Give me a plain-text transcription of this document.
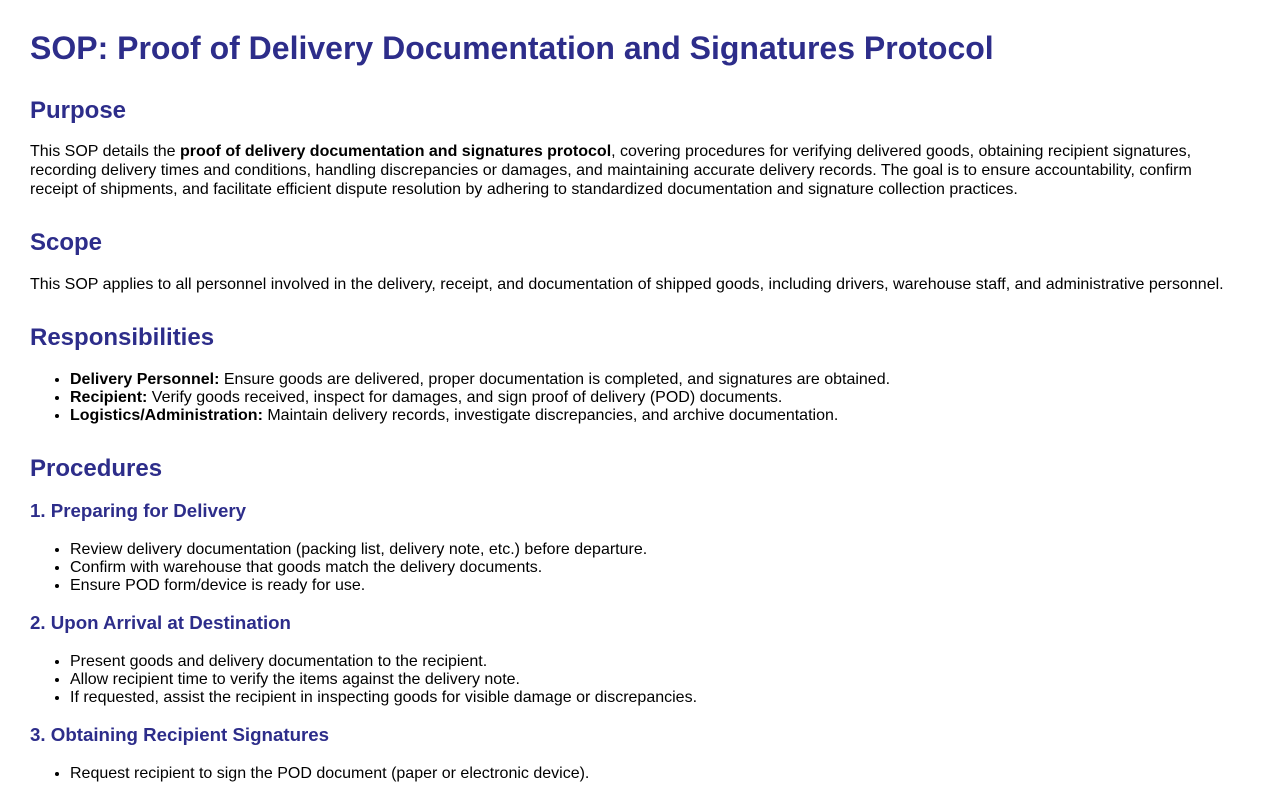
SOP: Proof of Delivery Documentation and Signatures Protocol
Purpose

This SOP details the proof of delivery documentation and signatures protocol, covering procedures for verifying delivered goods, obtaining recipient signatures, recording delivery times and conditions, handling discrepancies or damages, and maintaining accurate delivery records. The goal is to ensure accountability, confirm receipt of shipments, and facilitate efficient dispute resolution by adhering to standardized documentation and signature collection practices.

Scope

This SOP applies to all personnel involved in the delivery, receipt, and documentation of shipped goods, including drivers, warehouse staff, and administrative personnel.

Responsibilities
• Delivery Personnel: Ensure goods are delivered, proper documentation is completed, and signatures are obtained.
• Recipient: Verify goods received, inspect for damages, and sign proof of delivery (POD) documents.
• Logistics/Administration: Maintain delivery records, investigate discrepancies, and archive documentation.
Procedures
1. Preparing for Delivery
• Review delivery documentation (packing list, delivery note, etc.) before departure.
• Confirm with warehouse that goods match the delivery documents.
• Ensure POD form/device is ready for use.
2. Upon Arrival at Destination
• Present goods and delivery documentation to the recipient.
• Allow recipient time to verify the items against the delivery note.
• If requested, assist the recipient in inspecting goods for visible damage or discrepancies.
3. Obtaining Recipient Signatures
• Request recipient to sign the POD document (paper or electronic device).
